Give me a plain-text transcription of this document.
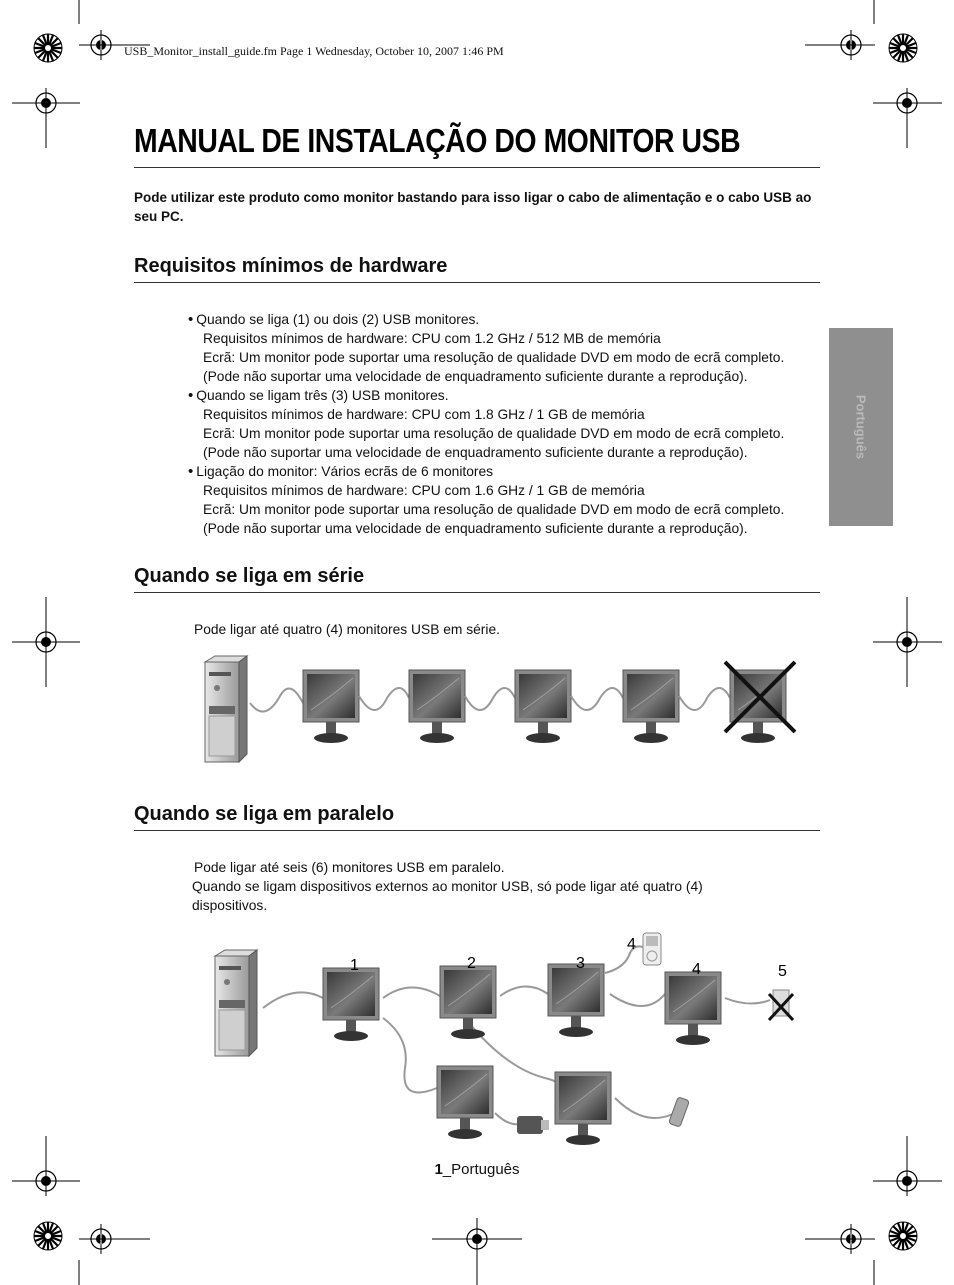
USB_Monitor_install_guide.fm Page 1 Wednesday, October 10, 2007 1:46 PM
MANUAL DE INSTALAÇÃO DO MONITOR USB
Pode utilizar este produto como monitor bastando para isso ligar o cabo de alimentação e o cabo USB ao seu PC.
Requisitos mínimos de hardware
• Quando se liga (1) ou dois (2) USB monitores.
Requisitos mínimos de hardware: CPU com 1.2 GHz / 512 MB de memória
Ecrã: Um monitor pode suportar uma resolução de qualidade DVD em modo de ecrã completo.
(Pode não suportar uma velocidade de enquadramento suficiente durante a reprodução).
• Quando se ligam três (3) USB monitores.
Requisitos mínimos de hardware: CPU com 1.8 GHz / 1 GB de memória
Ecrã: Um monitor pode suportar uma resolução de qualidade DVD em modo de ecrã completo.
(Pode não suportar uma velocidade de enquadramento suficiente durante a reprodução).
• Ligação do monitor: Vários ecrãs de 6 monitores
Requisitos mínimos de hardware: CPU com 1.6 GHz / 1 GB de memória
Ecrã: Um monitor pode suportar uma resolução de qualidade DVD em modo de ecrã completo.
(Pode não suportar uma velocidade de enquadramento suficiente durante a reprodução).
Português
Quando se liga em série
Pode ligar até quatro (4) monitores USB em série.
Quando se liga em paralelo
Pode ligar até seis (6) monitores USB em paralelo.
Quando se ligam dispositivos externos ao monitor USB, só pode ligar até quatro (4)
dispositivos.
1	2	3
4
4	5
1_Português
